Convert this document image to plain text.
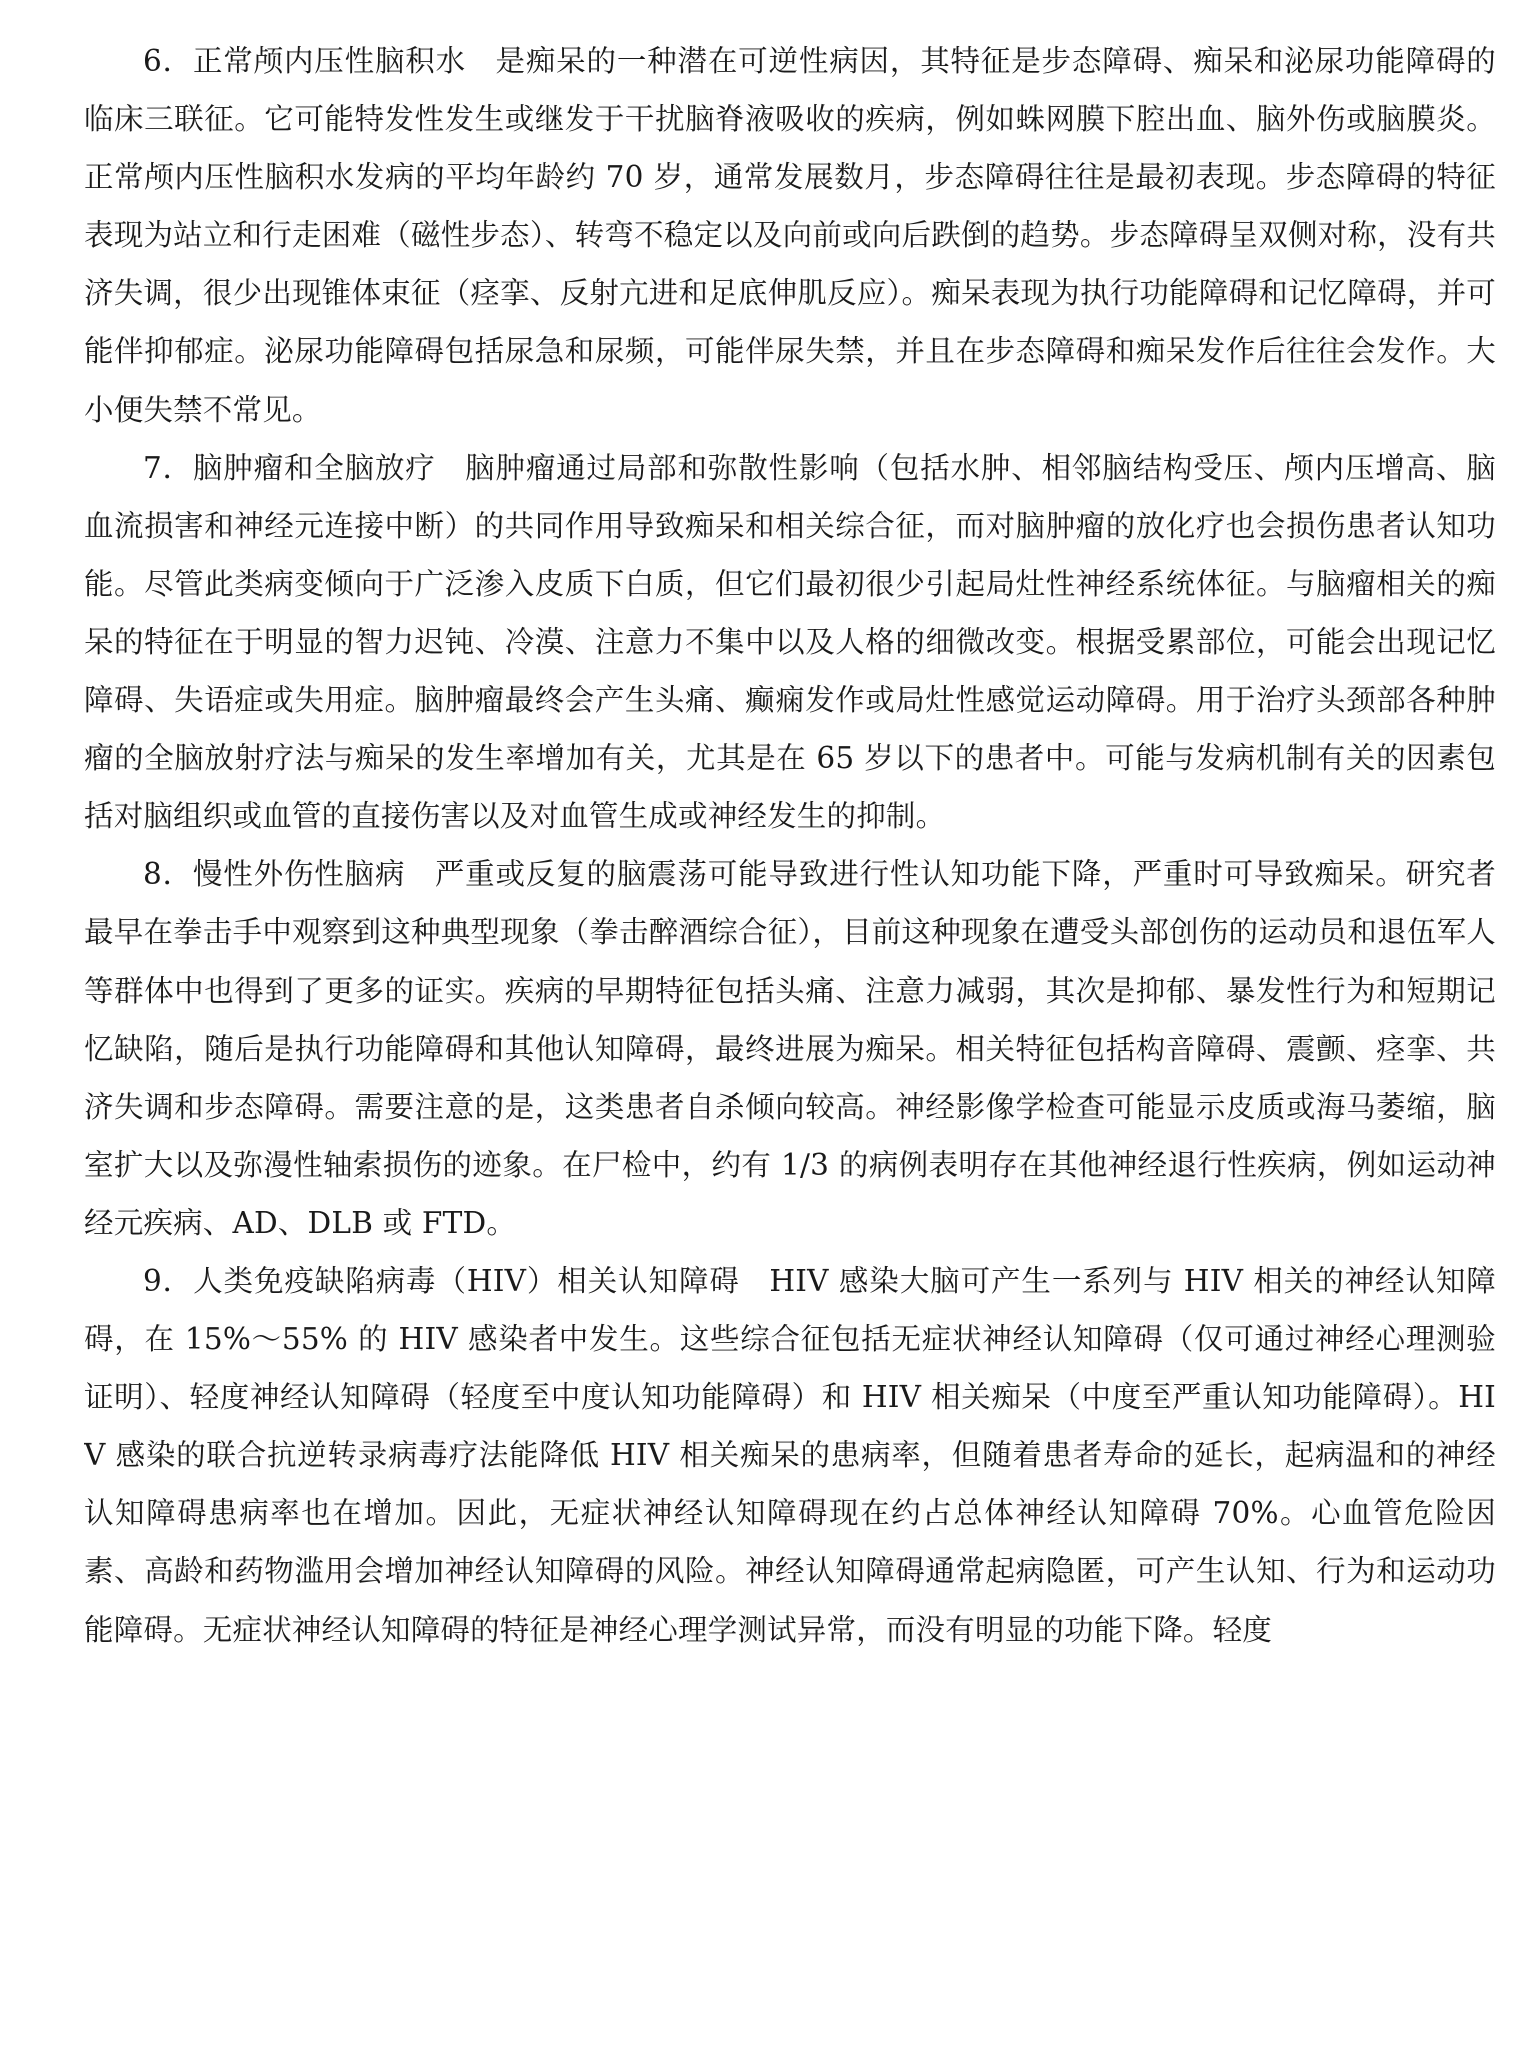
6．正常颅内压性脑积水 是痴呆的一种潜在可逆性病因，其特征是步态障碍、痴呆和泌尿功能障碍的临床三联征。它可能特发性发生或继发于干扰脑脊液吸收的疾病，例如蛛网膜下腔出血、脑外伤或脑膜炎。正常颅内压性脑积水发病的平均年龄约 70 岁，通常发展数月，步态障碍往往是最初表现。步态障碍的特征表现为站立和行走困难（磁性步态）、转弯不稳定以及向前或向后跌倒的趋势。步态障碍呈双侧对称，没有共济失调，很少出现锥体束征（痉挛、反射亢进和足底伸肌反应）。痴呆表现为执行功能障碍和记忆障碍，并可能伴抑郁症。泌尿功能障碍包括尿急和尿频，可能伴尿失禁，并且在步态障碍和痴呆发作后往往会发作。大小便失禁不常见。

7．脑肿瘤和全脑放疗 脑肿瘤通过局部和弥散性影响（包括水肿、相邻脑结构受压、颅内压增高、脑血流损害和神经元连接中断）的共同作用导致痴呆和相关综合征，而对脑肿瘤的放化疗也会损伤患者认知功能。尽管此类病变倾向于广泛渗入皮质下白质，但它们最初很少引起局灶性神经系统体征。与脑瘤相关的痴呆的特征在于明显的智力迟钝、冷漠、注意力不集中以及人格的细微改变。根据受累部位，可能会出现记忆障碍、失语症或失用症。脑肿瘤最终会产生头痛、癫痫发作或局灶性感觉运动障碍。用于治疗头颈部各种肿瘤的全脑放射疗法与痴呆的发生率增加有关，尤其是在 65 岁以下的患者中。可能与发病机制有关的因素包括对脑组织或血管的直接伤害以及对血管生成或神经发生的抑制。

8．慢性外伤性脑病 严重或反复的脑震荡可能导致进行性认知功能下降，严重时可导致痴呆。研究者最早在拳击手中观察到这种典型现象（拳击醉酒综合征），目前这种现象在遭受头部创伤的运动员和退伍军人等群体中也得到了更多的证实。疾病的早期特征包括头痛、注意力减弱，其次是抑郁、暴发性行为和短期记忆缺陷，随后是执行功能障碍和其他认知障碍，最终进展为痴呆。相关特征包括构音障碍、震颤、痉挛、共济失调和步态障碍。需要注意的是，这类患者自杀倾向较高。神经影像学检查可能显示皮质或海马萎缩，脑室扩大以及弥漫性轴索损伤的迹象。在尸检中，约有 1/3 的病例表明存在其他神经退行性疾病，例如运动神经元疾病、AD、DLB 或 FTD。

9．人类免疫缺陷病毒（HIV）相关认知障碍 HIV 感染大脑可产生一系列与 HIV 相关的神经认知障碍，在 15%～55% 的 HIV 感染者中发生。这些综合征包括无症状神经认知障碍（仅可通过神经心理测验证明）、轻度神经认知障碍（轻度至中度认知功能障碍）和 HIV 相关痴呆（中度至严重认知功能障碍）。HIV 感染的联合抗逆转录病毒疗法能降低 HIV 相关痴呆的患病率，但随着患者寿命的延长，起病温和的神经认知障碍患病率也在增加。因此，无症状神经认知障碍现在约占总体神经认知障碍 70%。心血管危险因素、高龄和药物滥用会增加神经认知障碍的风险。神经认知障碍通常起病隐匿，可产生认知、行为和运动功能障碍。无症状神经认知障碍的特征是神经心理学测试异常，而没有明显的功能下降。轻度
